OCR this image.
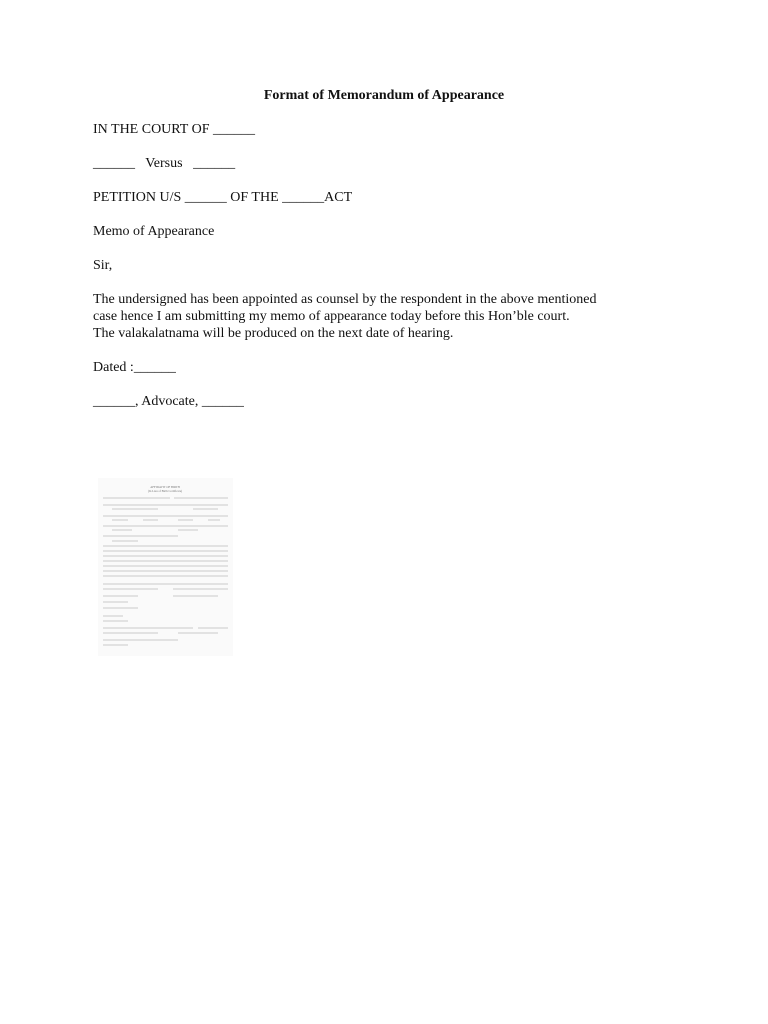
Format of Memorandum of Appearance
IN THE COURT OF ______
______   Versus   ______
PETITION U/S ______ OF THE ______ACT
Memo of Appearance
Sir,
The undersigned has been appointed as counsel by the respondent in the above mentioned
case hence I am submitting my memo of appearance today before this Hon’ble court.
The valakalatnama will be produced on the next date of hearing.
Dated :______
______, Advocate, ______
AFFIDAVIT OF BIRTH
(In Lieu of Birth Certificate)
